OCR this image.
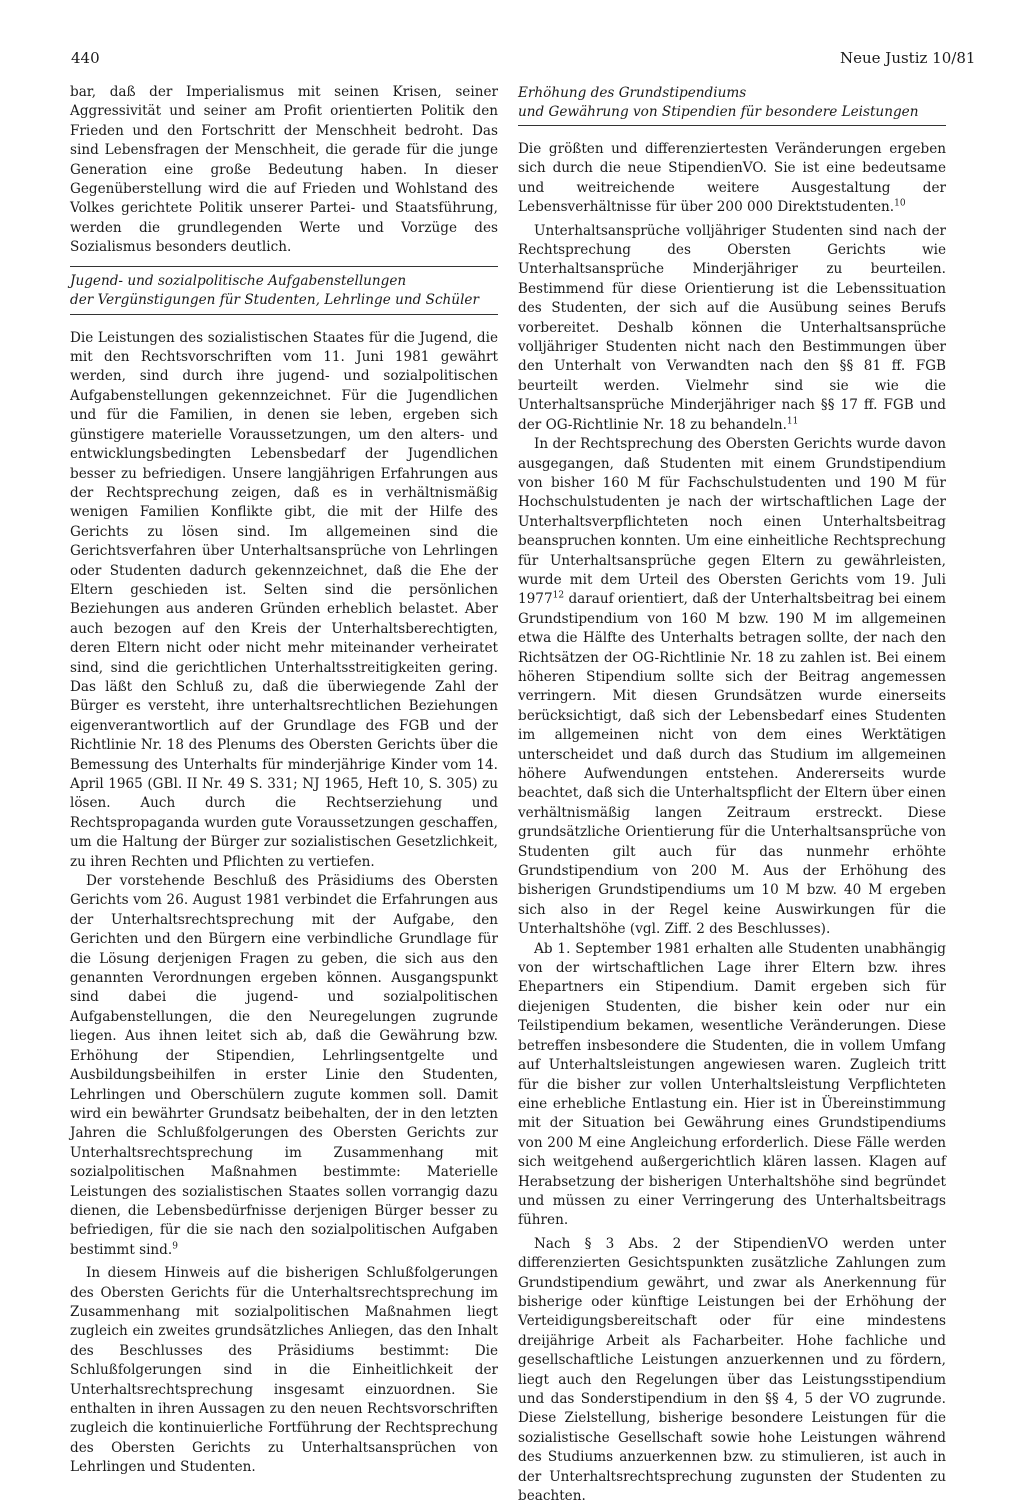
440	Neue Justiz 10/81

bar, daß der Imperialismus mit seinen Krisen, seiner Aggressivität und seiner am Profit orientierten Politik den Frieden und den Fortschritt der Menschheit bedroht. Das sind Lebensfragen der Menschheit, die gerade für die junge Generation eine große Bedeutung haben. In dieser Gegenüberstellung wird die auf Frieden und Wohlstand des Volkes gerichtete Politik unserer Partei- und Staatsführung, werden die grundlegenden Werte und Vorzüge des Sozialismus besonders deutlich.

Jugend- und sozialpolitische Aufgabenstellungen

der Vergünstigungen für Studenten, Lehrlinge und Schüler

Die Leistungen des sozialistischen Staates für die Jugend, die mit den Rechtsvorschriften vom 11. Juni 1981 gewährt werden, sind durch ihre jugend- und sozialpolitischen Aufgabenstellungen gekennzeichnet. Für die Jugendlichen und für die Familien, in denen sie leben, ergeben sich günstigere materielle Voraussetzungen, um den alters- und entwicklungsbedingten Lebensbedarf der Jugendlichen besser zu befriedigen. Unsere langjährigen Erfahrungen aus der Rechtsprechung zeigen, daß es in verhältnismäßig wenigen Familien Konflikte gibt, die mit der Hilfe des Gerichts zu lösen sind. Im allgemeinen sind die Gerichtsverfahren über Unterhaltsansprüche von Lehrlingen oder Studenten dadurch gekennzeichnet, daß die Ehe der Eltern geschieden ist. Selten sind die persönlichen Beziehungen aus anderen Gründen erheblich belastet. Aber auch bezogen auf den Kreis der Unterhaltsberechtigten, deren Eltern nicht oder nicht mehr miteinander verheiratet sind, sind die gerichtlichen Unterhaltsstreitigkeiten gering. Das läßt den Schluß zu, daß die überwiegende Zahl der Bürger es versteht, ihre unterhaltsrechtlichen Beziehungen eigenverantwortlich auf der Grundlage des FGB und der Richtlinie Nr. 18 des Plenums des Obersten Gerichts über die Bemessung des Unterhalts für minderjährige Kinder vom 14. April 1965 (GBl. II Nr. 49 S. 331; NJ 1965, Heft 10, S. 305) zu lösen. Auch durch die Rechtserziehung und Rechtspropaganda wurden gute Voraussetzungen geschaffen, um die Haltung der Bürger zur sozialistischen Gesetzlichkeit, zu ihren Rechten und Pflichten zu vertiefen.

Der vorstehende Beschluß des Präsidiums des Obersten Gerichts vom 26. August 1981 verbindet die Erfahrungen aus der Unterhaltsrechtsprechung mit der Aufgabe, den Gerichten und den Bürgern eine verbindliche Grundlage für die Lösung derjenigen Fragen zu geben, die sich aus den genannten Verordnungen ergeben können. Ausgangspunkt sind dabei die jugend- und sozialpolitischen Aufgabenstellungen, die den Neuregelungen zugrunde liegen. Aus ihnen leitet sich ab, daß die Gewährung bzw. Erhöhung der Stipendien, Lehrlingsentgelte und Ausbildungsbeihilfen in erster Linie den Studenten, Lehrlingen und Oberschülern zugute kommen soll. Damit wird ein bewährter Grundsatz beibehalten, der in den letzten Jahren die Schlußfolgerungen des Obersten Gerichts zur Unterhaltsrechtsprechung im Zusammenhang mit sozialpolitischen Maßnahmen bestimmte: Materielle Leistungen des sozialistischen Staates sollen vorrangig dazu dienen, die Lebensbedürfnisse derjenigen Bürger besser zu befriedigen, für die sie nach den sozialpolitischen Aufgaben bestimmt sind.$^9$

In diesem Hinweis auf die bisherigen Schlußfolgerungen des Obersten Gerichts für die Unterhaltsrechtsprechung im Zusammenhang mit sozialpolitischen Maßnahmen liegt zugleich ein zweites grundsätzliches Anliegen, das den Inhalt des Beschlusses des Präsidiums bestimmt: Die Schlußfolgerungen sind in die Einheitlichkeit der Unterhaltsrechtsprechung insgesamt einzuordnen. Sie enthalten in ihren Aussagen zu den neuen Rechtsvorschriften zugleich die kontinuierliche Fortführung der Rechtsprechung des Obersten Gerichts zu Unterhaltsansprüchen von Lehrlingen und Studenten.

Erhöhung des Grundstipendiums

und Gewährung von Stipendien für besondere Leistungen

Die größten und differenziertesten Veränderungen ergeben sich durch die neue StipendienVO. Sie ist eine bedeutsame und weitreichende weitere Ausgestaltung der Lebensverhältnisse für über 200 000 Direktstudenten.$^{10}$

Unterhaltsansprüche volljähriger Studenten sind nach der Rechtsprechung des Obersten Gerichts wie Unterhaltsansprüche Minderjähriger zu beurteilen. Bestimmend für diese Orientierung ist die Lebenssituation des Studenten, der sich auf die Ausübung seines Berufs vorbereitet. Deshalb können die Unterhaltsansprüche volljähriger Studenten nicht nach den Bestimmungen über den Unterhalt von Verwandten nach den §§ 81 ff. FGB beurteilt werden. Vielmehr sind sie wie die Unterhaltsansprüche Minderjähriger nach §§ 17 ff. FGB und der OG-Richtlinie Nr. 18 zu behandeln.$^{11}$

In der Rechtsprechung des Obersten Gerichts wurde davon ausgegangen, daß Studenten mit einem Grundstipendium von bisher 160 M für Fachschulstudenten und 190 M für Hochschulstudenten je nach der wirtschaftlichen Lage der Unterhaltsverpflichteten noch einen Unterhaltsbeitrag beanspruchen konnten. Um eine einheitliche Rechtsprechung für Unterhaltsansprüche gegen Eltern zu gewährleisten, wurde mit dem Urteil des Obersten Gerichts vom 19. Juli 1977$^{12}$ darauf orientiert, daß der Unterhaltsbeitrag bei einem Grundstipendium von 160 M bzw. 190 M im allgemeinen etwa die Hälfte des Unterhalts betragen sollte, der nach den Richtsätzen der OG-Richtlinie Nr. 18 zu zahlen ist. Bei einem höheren Stipendium sollte sich der Beitrag angemessen verringern. Mit diesen Grundsätzen wurde einerseits berücksichtigt, daß sich der Lebensbedarf eines Studenten im allgemeinen nicht von dem eines Werktätigen unterscheidet und daß durch das Studium im allgemeinen höhere Aufwendungen entstehen. Andererseits wurde beachtet, daß sich die Unterhaltspflicht der Eltern über einen verhältnismäßig langen Zeitraum erstreckt. Diese grundsätzliche Orientierung für die Unterhaltsansprüche von Studenten gilt auch für das nunmehr erhöhte Grundstipendium von 200 M. Aus der Erhöhung des bisherigen Grundstipendiums um 10 M bzw. 40 M ergeben sich also in der Regel keine Auswirkungen für die Unterhaltshöhe (vgl. Ziff. 2 des Beschlusses).

Ab 1. September 1981 erhalten alle Studenten unabhängig von der wirtschaftlichen Lage ihrer Eltern bzw. ihres Ehepartners ein Stipendium. Damit ergeben sich für diejenigen Studenten, die bisher kein oder nur ein Teilstipendium bekamen, wesentliche Veränderungen. Diese betreffen insbesondere die Studenten, die in vollem Umfang auf Unterhaltsleistungen angewiesen waren. Zugleich tritt für die bisher zur vollen Unterhaltsleistung Verpflichteten eine erhebliche Entlastung ein. Hier ist in Übereinstimmung mit der Situation bei Gewährung eines Grundstipendiums von 200 M eine Angleichung erforderlich. Diese Fälle werden sich weitgehend außergerichtlich klären lassen. Klagen auf Herabsetzung der bisherigen Unterhaltshöhe sind begründet und müssen zu einer Verringerung des Unterhaltsbeitrags führen.

Nach § 3 Abs. 2 der StipendienVO werden unter differenzierten Gesichtspunkten zusätzliche Zahlungen zum Grundstipendium gewährt, und zwar als Anerkennung für bisherige oder künftige Leistungen bei der Erhöhung der Verteidigungsbereitschaft oder für eine mindestens dreijährige Arbeit als Facharbeiter. Hohe fachliche und gesellschaftliche Leistungen anzuerkennen und zu fördern, liegt auch den Regelungen über das Leistungsstipendium und das Sonderstipendium in den §§ 4, 5 der VO zugrunde. Diese Zielstellung, bisherige besondere Leistungen für die sozialistische Gesellschaft sowie hohe Leistungen während des Studiums anzuerkennen bzw. zu stimulieren, ist auch in der Unterhaltsrechtsprechung zugunsten der Studenten zu beachten.
